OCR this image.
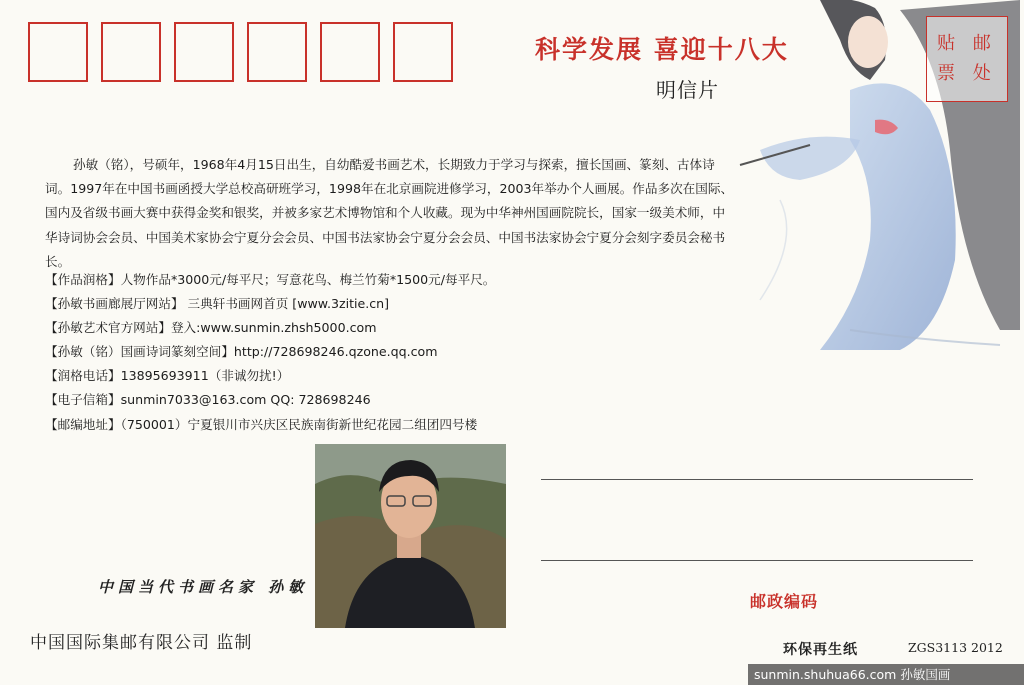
科学发展 喜迎十八大
明信片
贴 邮
票 处
孙敏（铭），号硕年，1968年4月15日出生，自幼酷爱书画艺术，长期致力于学习与探索，擅长国画、篆刻、古体诗词。1997年在中国书画函授大学总校高研班学习，1998年在北京画院进修学习，2003年举办个人画展。作品多次在国际、国内及省级书画大赛中获得金奖和银奖，并被多家艺术博物馆和个人收藏。现为中华神州国画院院长，国家一级美术师，中华诗词协会会员、中国美术家协会宁夏分会会员、中国书法家协会宁夏分会会员、中国书法家协会宁夏分会刻字委员会秘书长。
【作品润格】人物作品*3000元/每平尺；写意花鸟、梅兰竹菊*1500元/每平尺。
【孙敏书画廊展厅网站】 三典轩书画网首页 [www.3zitie.cn]
【孙敏艺术官方网站】登入:www.sunmin.zhsh5000.com
【孙敏（铭）国画诗词篆刻空间】http://728698246.qzone.qq.com
【润格电话】13895693911（非诚勿扰!）
【电子信箱】sunmin7033@163.com QQ: 728698246
【邮编地址】（750001）宁夏银川市兴庆区民族南街新世纪花园二组团四号楼
中国当代书画名家 孙敏
中国国际集邮有限公司 监制
邮政编码
环保再生纸	ZGS3113 2012
sunmin.shuhua66.com 孙敏国画
